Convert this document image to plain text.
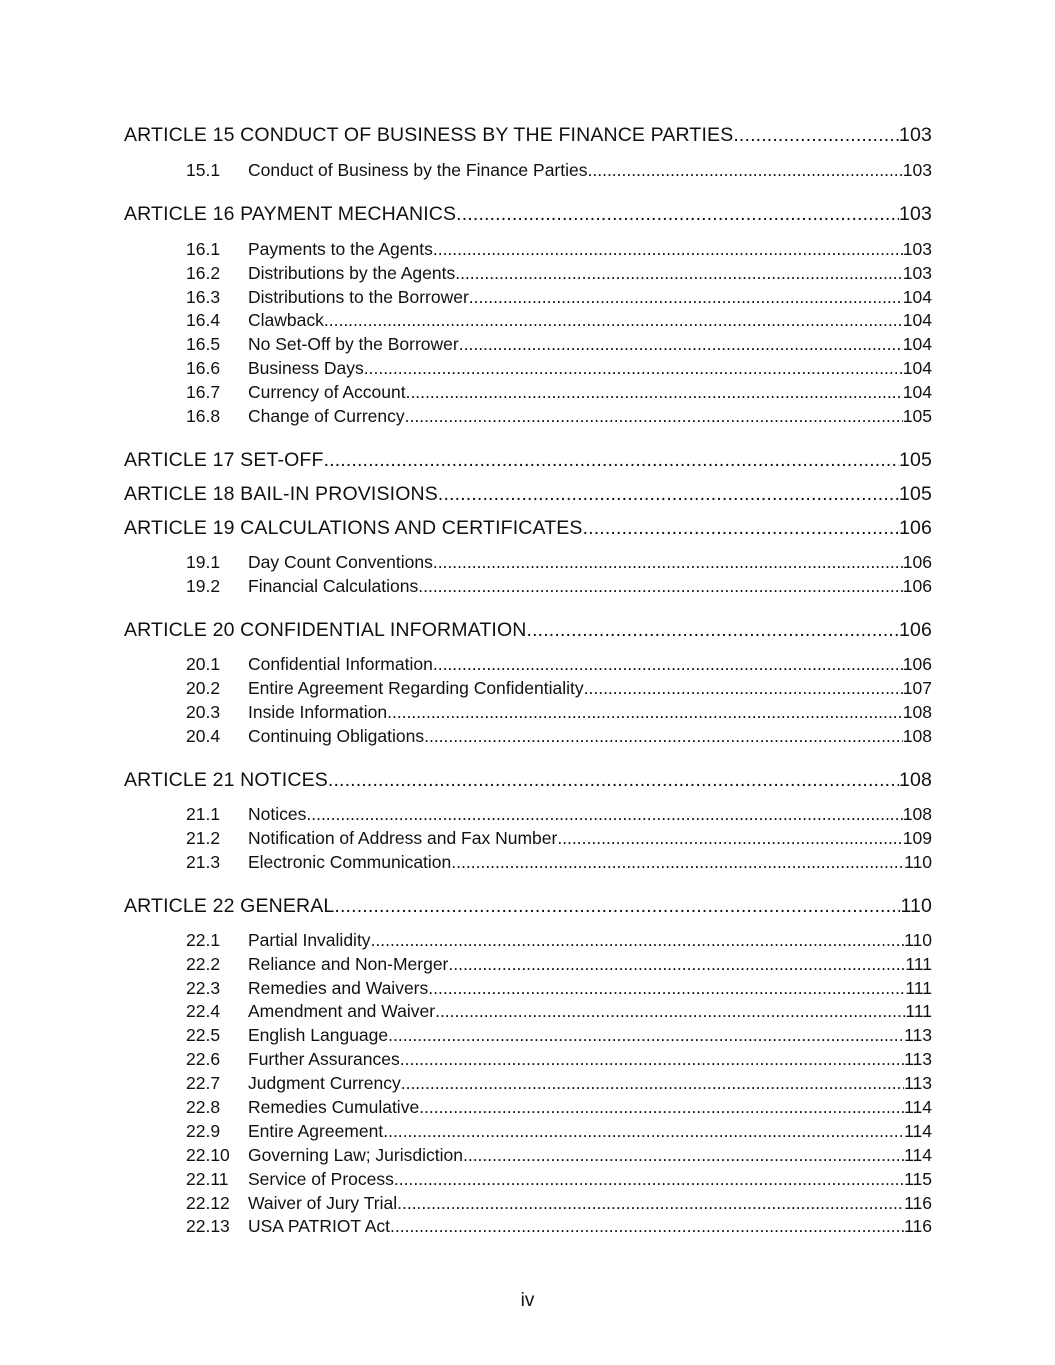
ARTICLE 15 CONDUCT OF BUSINESS BY THE FINANCE PARTIES .....	103
15.1	Conduct of Business by the Finance Parties. .....	103
ARTICLE 16 PAYMENT MECHANICS .....	103
16.1	Payments to the Agents .....	103
16.2	Distributions by the Agents .....	103
16.3	Distributions to the Borrower .....	104
16.4	Clawback .....	104
16.5	No Set-Off by the Borrower .....	104
16.6	Business Days .....	104
16.7	Currency of Account .....	104
16.8	Change of Currency .....	105
ARTICLE 17 SET-OFF .....	105
ARTICLE 18 BAIL-IN PROVISIONS .....	105
ARTICLE 19 CALCULATIONS AND CERTIFICATES .....	106
19.1	Day Count Conventions .....	106
19.2	Financial Calculations .....	106
ARTICLE 20 CONFIDENTIAL INFORMATION .....	106
20.1	Confidential Information. .....	106
20.2	Entire Agreement Regarding Confidentiality .....	107
20.3	Inside Information .....	108
20.4	Continuing Obligations .....	108
ARTICLE 21 NOTICES .....	108
21.1	Notices .....	108
21.2	Notification of Address and Fax Number .....	109
21.3	Electronic Communication .....	110
ARTICLE 22 GENERAL .....	110
22.1	Partial Invalidity .....	110
22.2	Reliance and Non-Merger .....	111
22.3	Remedies and Waivers .....	111
22.4	Amendment and Waiver .....	111
22.5	English Language .....	113
22.6	Further Assurances .....	113
22.7	Judgment Currency .....	113
22.8	Remedies Cumulative .....	114
22.9	Entire Agreement .....	114
22.10	Governing Law; Jurisdiction .....	114
22.11	Service of Process. .....	115
22.12	Waiver of Jury Trial .....	116
22.13	USA PATRIOT Act. .....	116
iv
